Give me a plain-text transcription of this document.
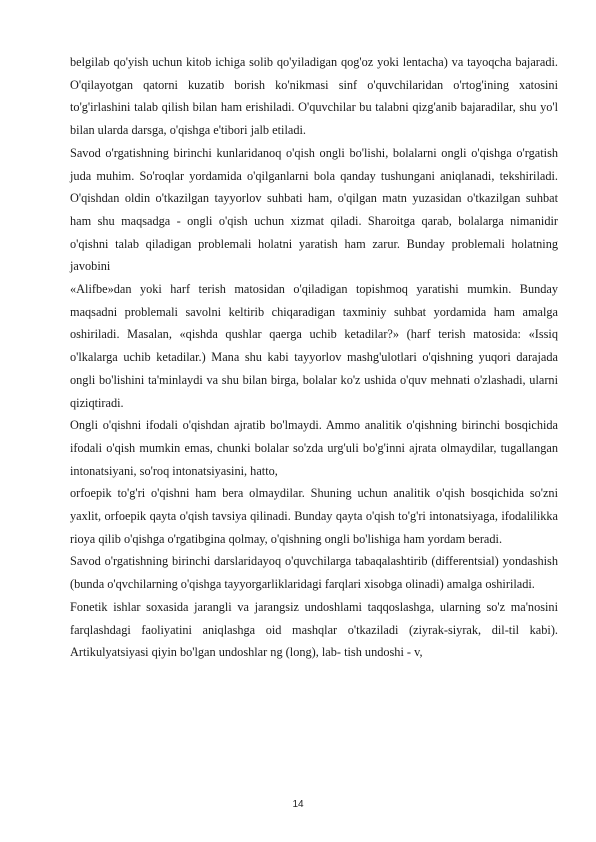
belgilab qo'yish uchun kitob ichiga solib qo'yiladigan qog'oz yoki lentacha) va tayoqcha bajaradi. O'qilayotgan qatorni kuzatib borish ko'nikmasi sinf o'quvchilaridan o'rtog'ining xatosini to'g'irlashini talab qilish bilan ham erishiladi. O'quvchilar bu talabni qizg'anib bajaradilar, shu yo'l bilan ularda darsga, o'qishga e'tibori jalb etiladi.

Savod o'rgatishning birinchi kunlaridanoq o'qish ongli bo'lishi, bolalarni ongli o'qishga o'rgatish juda muhim. So'roqlar yordamida o'qilganlarni bola qanday tushungani aniqlanadi, tekshiriladi. O'qishdan oldin o'tkazilgan tayyorlov suhbati ham, o'qilgan matn yuzasidan o'tkazilgan suhbat ham shu maqsadga - ongli o'qish uchun xizmat qiladi. Sharoitga qarab, bolalarga nimanidir o'qishni talab qiladigan problemali holatni yaratish ham zarur. Bunday problemali holatning javobini

«Alifbe»dan yoki harf terish matosidan o'qiladigan topishmoq yaratishi mumkin. Bunday maqsadni problemali savolni keltirib chiqaradigan taxminiy suhbat yordamida ham amalga oshiriladi. Masalan, «qishda qushlar qaerga uchib ketadilar?» (harf terish matosida: «Issiq o'lkalarga uchib ketadilar.) Mana shu kabi tayyorlov mashg'ulotlari o'qishning yuqori darajada ongli bo'lishini ta'minlaydi va shu bilan birga, bolalar ko'z ushida o'quv mehnati o'zlashadi, ularni qiziqtiradi.

Ongli o'qishni ifodali o'qishdan ajratib bo'lmaydi. Ammo analitik o'qishning birinchi bosqichida ifodali o'qish mumkin emas, chunki bolalar so'zda urg'uli bo'g'inni ajrata olmaydilar, tugallangan intonatsiyani, so'roq intonatsiyasini, hatto,

orfoepik to'g'ri o'qishni ham bera olmaydilar. Shuning uchun analitik o'qish bosqichida so'zni yaxlit, orfoepik qayta o'qish tavsiya qilinadi. Bunday qayta o'qish to'g'ri intonatsiyaga, ifodalilikka rioya qilib o'qishga o'rgatibgina qolmay, o'qishning ongli bo'lishiga ham yordam beradi.

Savod o'rgatishning birinchi darslaridayoq o'quvchilarga tabaqalashtirib (differentsial) yondashish (bunda o'qvchilarning o'qishga tayyorgarliklaridagi farqlari xisobga olinadi) amalga oshiriladi.

Fonetik ishlar soxasida jarangli va jarangsiz undoshlami taqqoslashga, ularning so'z ma'nosini farqlashdagi faoliyatini aniqlashga oid mashqlar o'tkaziladi (ziyrak-siyrak, dil-til kabi). Artikulyatsiyasi qiyin bo'lgan undoshlar ng (long), lab- tish undoshi - v,

14
